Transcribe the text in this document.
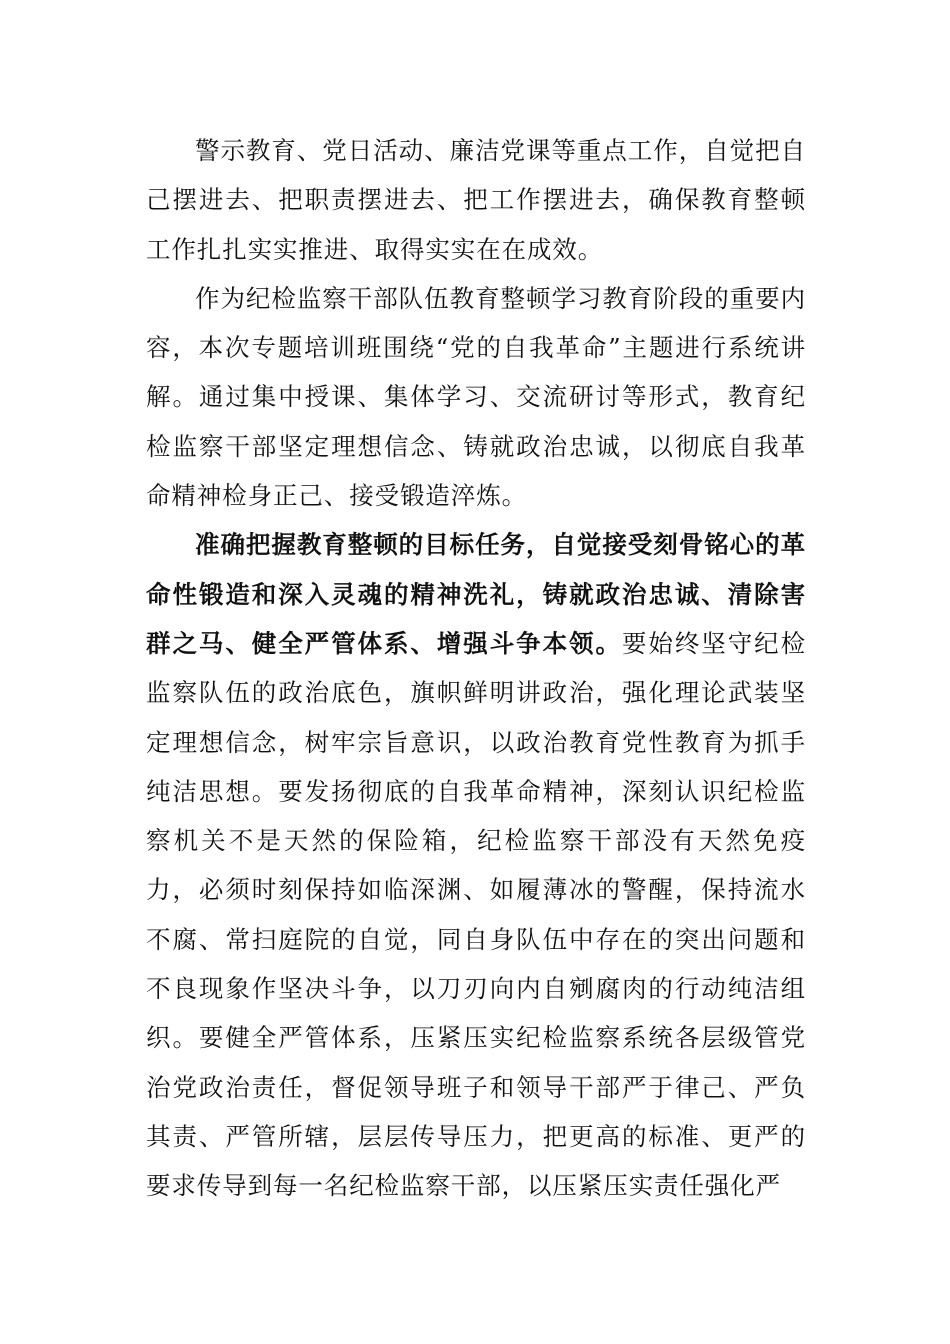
警示教育、党日活动、廉洁党课等重点工作，自觉把自己摆进去、把职责摆进去、把工作摆进去，确保教育整顿工作扎扎实实推进、取得实实在在成效。

作为纪检监察干部队伍教育整顿学习教育阶段的重要内容，本次专题培训班围绕“党的自我革命”主题进行系统讲解。通过集中授课、集体学习、交流研讨等形式，教育纪检监察干部坚定理想信念、铸就政治忠诚，以彻底自我革命精神检身正己、接受锻造淬炼。

准确把握教育整顿的目标任务，自觉接受刻骨铭心的革命性锻造和深入灵魂的精神洗礼，铸就政治忠诚、清除害群之马、健全严管体系、增强斗争本领。要始终坚守纪检监察队伍的政治底色，旗帜鲜明讲政治，强化理论武装坚定理想信念，树牢宗旨意识，以政治教育党性教育为抓手纯洁思想。要发扬彻底的自我革命精神，深刻认识纪检监察机关不是天然的保险箱，纪检监察干部没有天然免疫力，必须时刻保持如临深渊、如履薄冰的警醒，保持流水不腐、常扫庭院的自觉，同自身队伍中存在的突出问题和不良现象作坚决斗争，以刀刃向内自剜腐肉的行动纯洁组织。要健全严管体系，压紧压实纪检监察系统各层级管党治党政治责任，督促领导班子和领导干部严于律己、严负其责、严管所辖，层层传导压力，把更高的标准、更严的要求传导到每一名纪检监察干部，以压紧压实责任强化严
